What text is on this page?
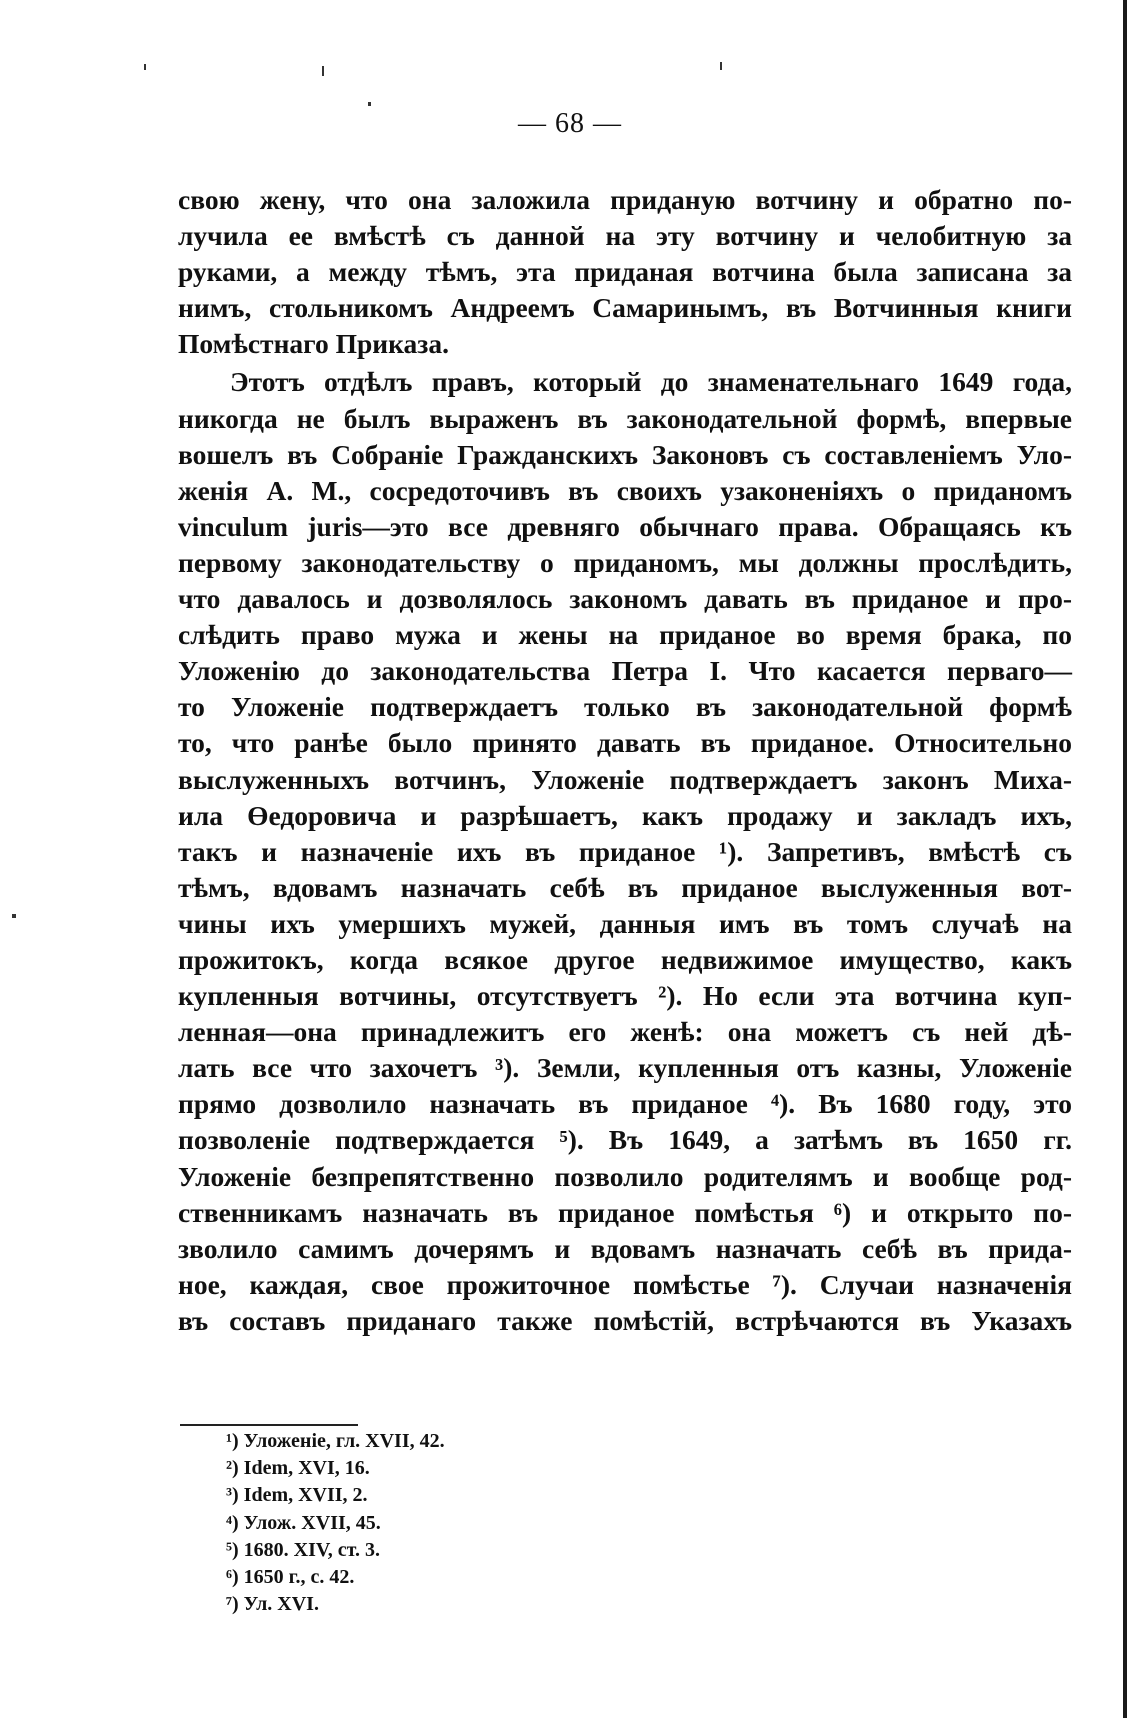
— 68 —
свою жену, что она заложила приданую вотчину и обратно по-
лучила ее вмѣстѣ съ данной на эту вотчину и челобитную за
руками, а между тѣмъ, эта приданая вотчина была записана за
нимъ, стольникомъ Андреемъ Самаринымъ, въ Вотчинныя книги
Помѣстнаго Приказа.
Этотъ отдѣлъ правъ, который до знаменательнаго 1649 года,
никогда не былъ выраженъ въ законодательной формѣ, впервые
вошелъ въ Собраніе Гражданскихъ Законовъ съ составленіемъ Уло-
женія А. М., сосредоточивъ въ своихъ узаконеніяхъ о приданомъ
vinculum juris—это все древняго обычнаго права. Обращаясь къ
первому законодательству о приданомъ, мы должны прослѣдить,
что давалось и дозволялось закономъ давать въ приданое и про-
слѣдить право мужа и жены на приданое во время брака, по
Уложенію до законодательства Петра I. Что касается перваго—
то Уложеніе подтверждаетъ только въ законодательной формѣ
то, что ранѣе было принято давать въ приданое. Относительно
выслуженныхъ вотчинъ, Уложеніе подтверждаетъ законъ Миха-
ила Өедоровича и разрѣшаетъ, какъ продажу и закладъ ихъ,
такъ и назначеніе ихъ въ приданое ¹). Запретивъ, вмѣстѣ съ
тѣмъ, вдовамъ назначать себѣ въ приданое выслуженныя вот-
чины ихъ умершихъ мужей, данныя имъ въ томъ случаѣ на
прожитокъ, когда всякое другое недвижимое имущество, какъ
купленныя вотчины, отсутствуетъ ²). Но если эта вотчина куп-
ленная—она принадлежитъ его женѣ: она можетъ съ ней дѣ-
лать все что захочетъ ³). Земли, купленныя отъ казны, Уложеніе
прямо дозволило назначать въ приданое ⁴). Въ 1680 году, это
позволеніе подтверждается ⁵). Въ 1649, а затѣмъ въ 1650 гг.
Уложеніе безпрепятственно позволило родителямъ и вообще род-
ственникамъ назначать въ приданое помѣстья ⁶) и открыто по-
зволило самимъ дочерямъ и вдовамъ назначать себѣ въ прида-
ное, каждая, свое прожиточное помѣстье ⁷). Случаи назначенія
въ составъ приданаго также помѣстій, встрѣчаются въ Указахъ
¹) Уложеніе, гл. XVII, 42.
²) Idem, XVI, 16.
³) Idem, XVII, 2.
⁴) Улож. XVII, 45.
⁵) 1680. XIV, ст. 3.
⁶) 1650 г., с. 42.
⁷) Ул. XVI.
